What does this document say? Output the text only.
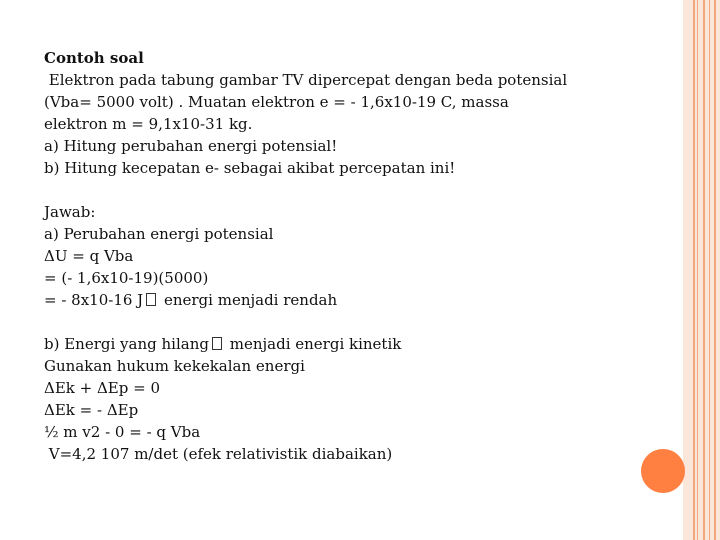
Contoh soal
Elektron pada tabung gambar TV dipercepat dengan beda potensial
(Vba= 5000 volt) . Muatan elektron e = - 1,6x10-19 C, massa
elektron m = 9,1x10-31 kg.
a) Hitung perubahan energi potensial!
b) Hitung kecepatan e- sebagai akibat percepatan ini!
Jawab:
a) Perubahan energi potensial
ΔU = q Vba
= (- 1,6x10-19)(5000)
= - 8x10-16 J energi menjadi rendah
b) Energi yang hilang menjadi energi kinetik
Gunakan hukum kekekalan energi
ΔEk + ΔEp = 0
ΔEk = - ΔEp
½ m v2 - 0 = - q Vba
V=4,2 107 m/det (efek relativistik diabaikan)
